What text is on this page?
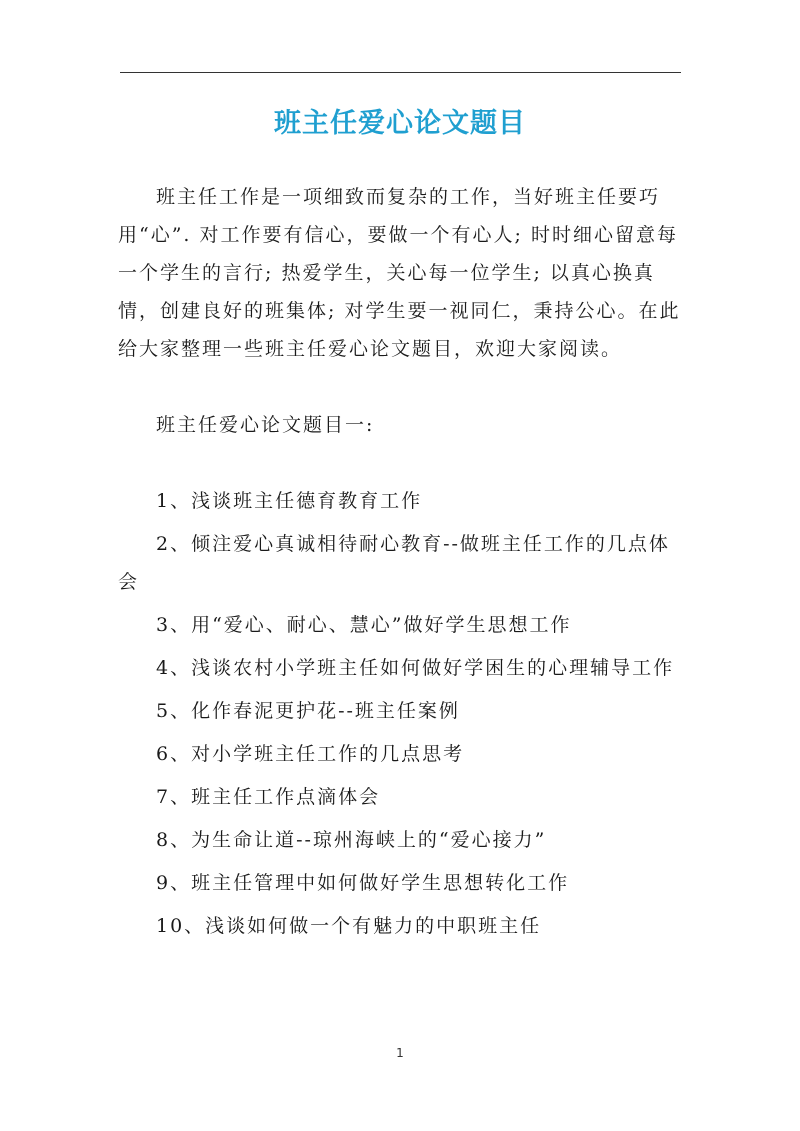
班主任爱心论文题目

班主任工作是一项细致而复杂的工作，当好班主任要巧用“心”. 对工作要有信心，要做一个有心人; 时时细心留意每一个学生的言行; 热爱学生，关心每一位学生; 以真心换真情，创建良好的班集体; 对学生要一视同仁，秉持公心。在此给大家整理一些班主任爱心论文题目，欢迎大家阅读。

班主任爱心论文题目一:

1、浅谈班主任德育教育工作
2、倾注爱心真诚相待耐心教育--做班主任工作的几点体会
3、用“爱心、耐心、慧心”做好学生思想工作
4、浅谈农村小学班主任如何做好学困生的心理辅导工作
5、化作春泥更护花--班主任案例
6、对小学班主任工作的几点思考
7、班主任工作点滴体会
8、为生命让道--琼州海峡上的“爱心接力”
9、班主任管理中如何做好学生思想转化工作
10、浅谈如何做一个有魅力的中职班主任
1
